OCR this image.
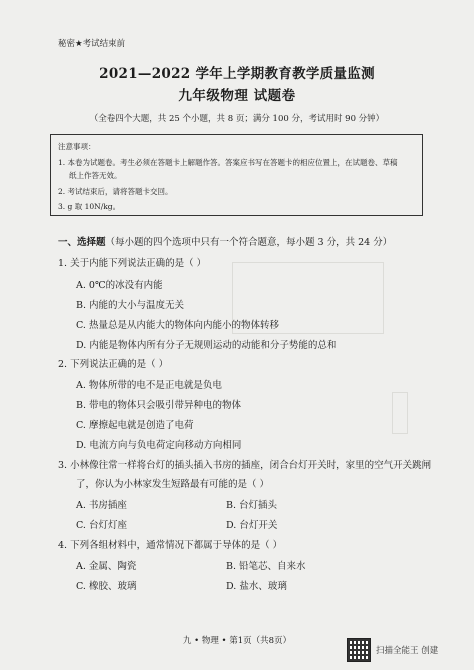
秘密★考试结束前
2021—2022 学年上学期教育教学质量监测
九年级物理 试题卷
（全卷四个大题，共 25 个小题，共 8 页；满分 100 分，考试用时 90 分钟）
注意事项：
1. 本卷为试题卷。考生必须在答题卡上解题作答。答案应书写在答题卡的相应位置上，在试题卷、草稿
纸上作答无效。
2. 考试结束后，请将答题卡交回。
3. g 取 10N/kg。
一、选择题（每小题的四个选项中只有一个符合题意，每小题 3 分，共 24 分）
1. 关于内能下列说法正确的是（ ）
A. 0℃的冰没有内能
B. 内能的大小与温度无关
C. 热量总是从内能大的物体向内能小的物体转移
D. 内能是物体内所有分子无规则运动的动能和分子势能的总和
2. 下列说法正确的是（ ）
A. 物体所带的电不是正电就是负电
B. 带电的物体只会吸引带异种电的物体
C. 摩擦起电就是创造了电荷
D. 电流方向与负电荷定向移动方向相同
3. 小林像往常一样将台灯的插头插入书房的插座，闭合台灯开关时，家里的空气开关跳闸
了，你认为小林家发生短路最有可能的是（ ）
A. 书房插座	B. 台灯插头
C. 台灯灯座	D. 台灯开关
4. 下列各组材料中，通常情况下都属于导体的是（ ）
A. 金属、陶瓷	B. 铅笔芯、自来水
C. 橡胶、玻璃	D. 盐水、玻璃
九 • 物理 • 第1页（共8页）
扫描全能王 创建
